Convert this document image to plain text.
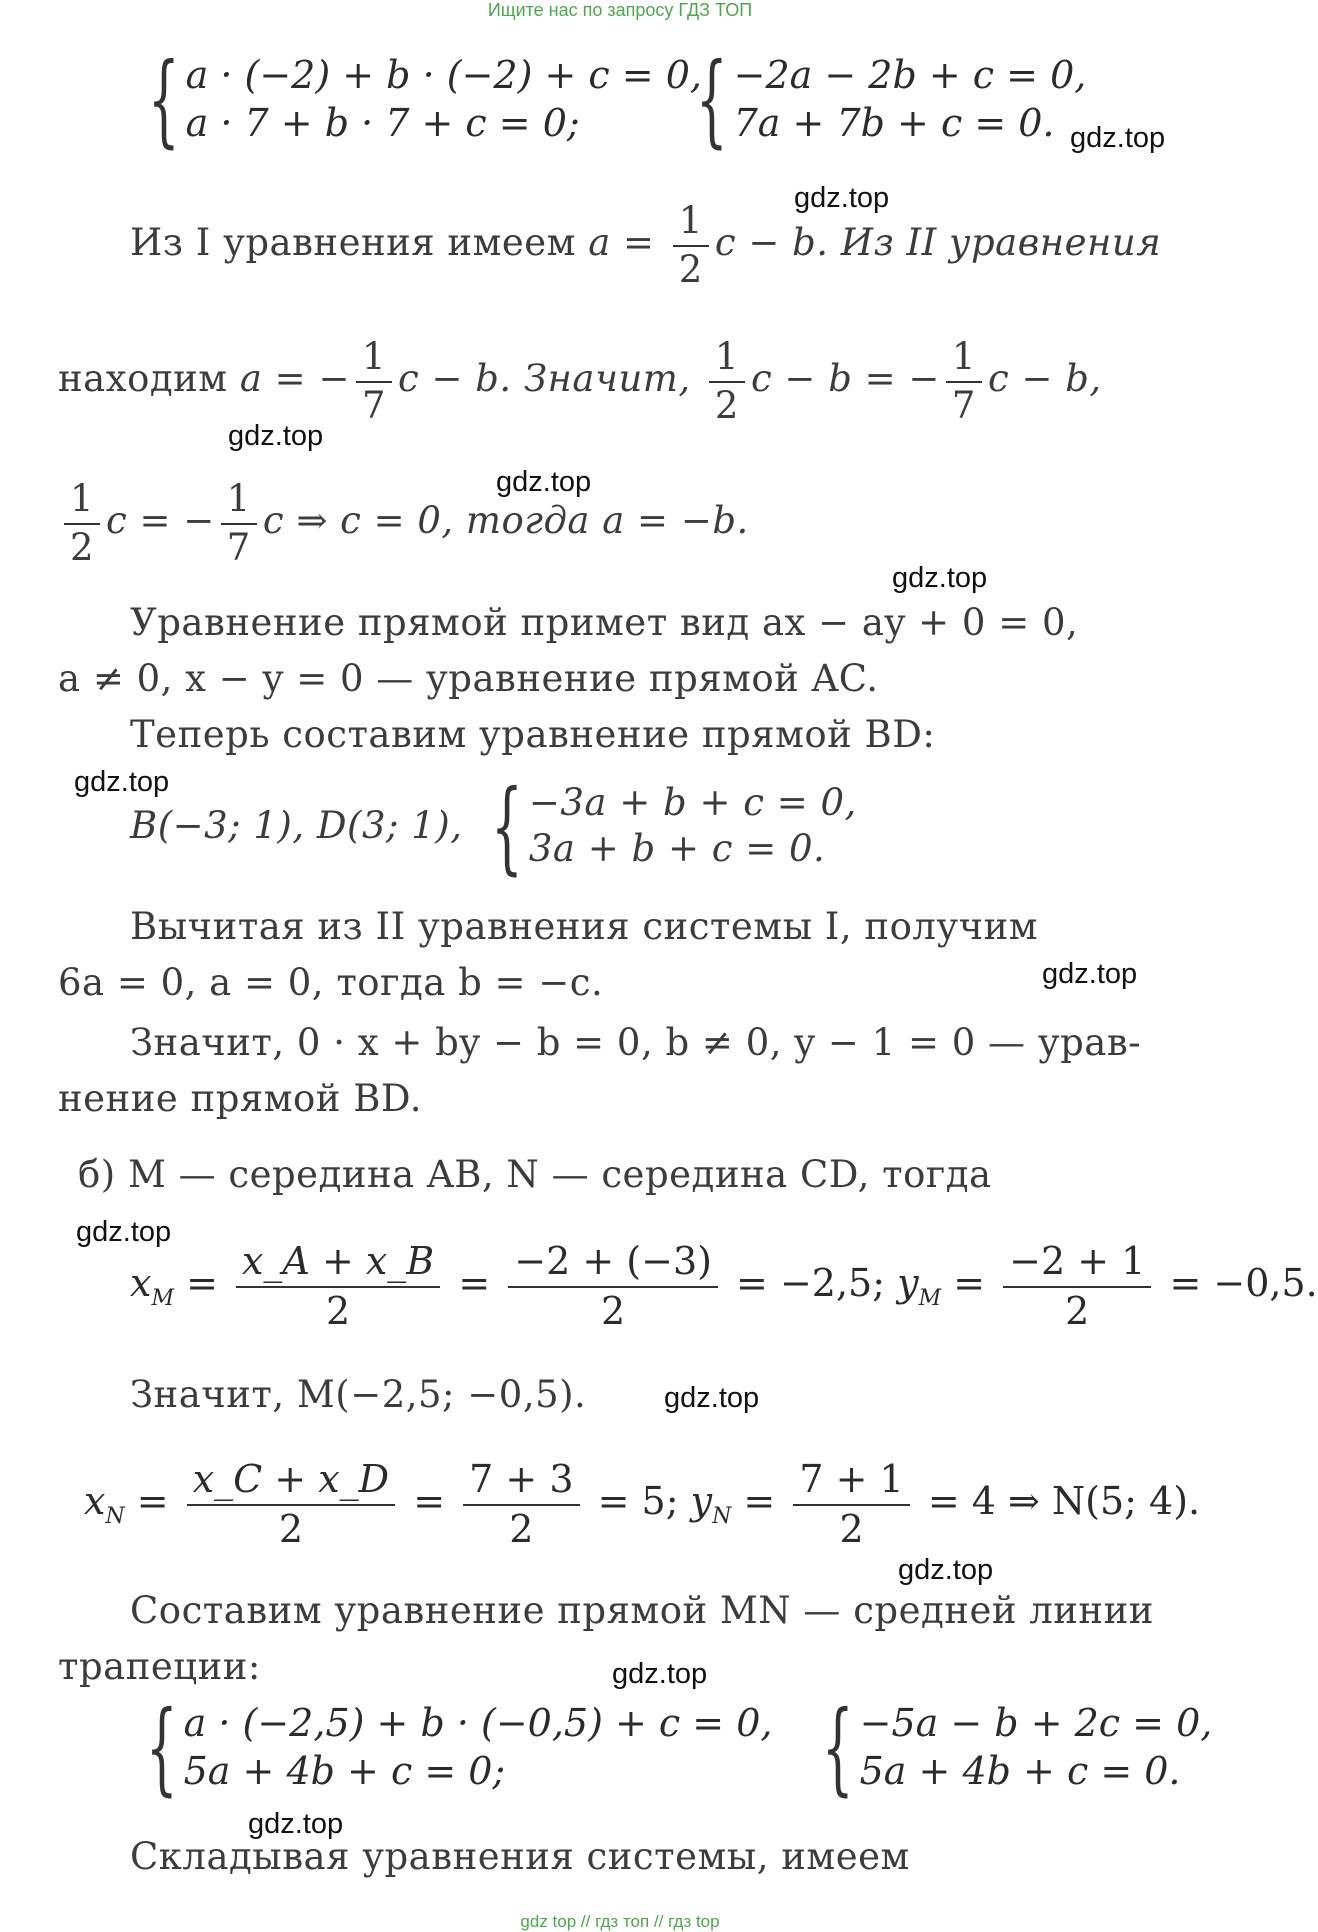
Ищите нас по запросу ГДЗ ТОП
{ a · (−2) + b · (−2) + c = 0,
a · 7 + b · 7 + c = 0;	{ −2a − 2b + c = 0,
7a + 7b + c = 0. gdz.top
gdz.top
Из I уравнения имеем $a = \frac{1}{2}$ c − b. Из II уравнения
находим a = − $\frac{1}{7}$ c − b. Значит, $\frac{1}{2}$ c − b = − $\frac{1}{7}$ c − b,
gdz.top
gdz.top
$\frac{1}{2}$ c = − $\frac{1}{7}$ c ⇒ c = 0, тогда a = −b.
gdz.top
Уравнение прямой примет вид ax − ay + 0 = 0,
a ≠ 0, x − y = 0 — уравнение прямой AC.
Теперь составим уравнение прямой BD:
gdz.top
B(−3; 1), D(3; 1), { −3a + b + c = 0,
3a + b + c = 0.
Вычитая из II уравнения системы I, получим
6a = 0, a = 0, тогда b = −c.	gdz.top
Значит, 0 · x + by − b = 0, b ≠ 0, y − 1 = 0 — урав-
нение прямой BD.
б) M — середина AB, N — середина CD, тогда
gdz.top
$x_M = \frac{x\_A + x\_B}{2} = \frac{-2 + (-3)}{2} = -2,5$; $y_M = \frac{-2 + 1}{2} = -0,5$.
Значит, M(−2,5; −0,5).	gdz.top
$x_N = \frac{x\_C + x\_D}{2} = \frac{7 + 3}{2} = 5$; $y_N = \frac{7 + 1}{2} = 4$ ⇒ N(5; 4).
gdz.top
Составим уравнение прямой MN — средней линии
трапеции:	gdz.top
{ a · (−2,5) + b · (−0,5) + c = 0,
5a + 4b + c = 0;	{ −5a − b + 2c = 0,
5a + 4b + c = 0.
gdz.top
Складывая уравнения системы, имеем
gdz top // гдз топ // гдз top
